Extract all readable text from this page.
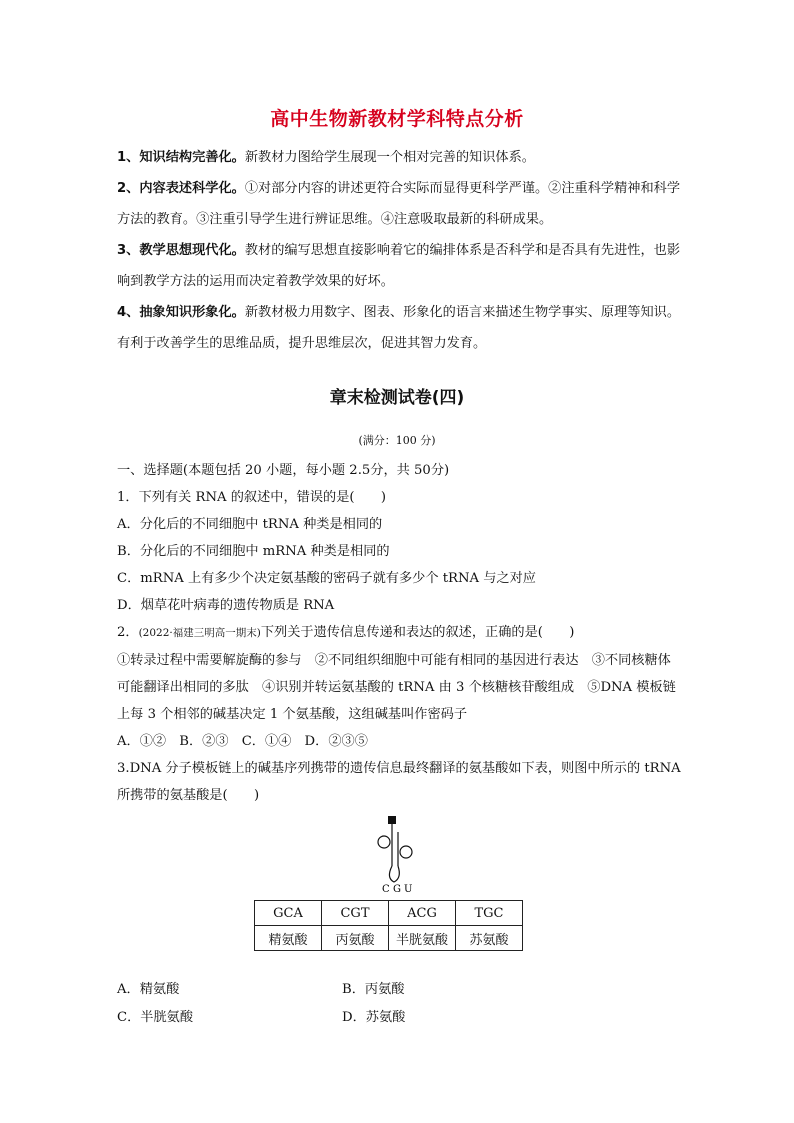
高中生物新教材学科特点分析

1、知识结构完善化。新教材力图给学生展现一个相对完善的知识体系。

2、内容表述科学化。①对部分内容的讲述更符合实际而显得更科学严谨。②注重科学精神和科学方法的教育。③注重引导学生进行辨证思维。④注意吸取最新的科研成果。

3、教学思想现代化。教材的编写思想直接影响着它的编排体系是否科学和是否具有先进性，也影响到教学方法的运用而决定着教学效果的好坏。

4、抽象知识形象化。新教材极力用数字、图表、形象化的语言来描述生物学事实、原理等知识。有利于改善学生的思维品质，提升思维层次，促进其智力发育。

章末检测试卷(四)
(满分：100 分)

一、选择题(本题包括 20 小题，每小题 2.5分，共 50分)

1．下列有关 RNA 的叙述中，错误的是(　　)

A．分化后的不同细胞中 tRNA 种类是相同的

B．分化后的不同细胞中 mRNA 种类是相同的

C．mRNA 上有多少个决定氨基酸的密码子就有多少个 tRNA 与之对应

D．烟草花叶病毒的遗传物质是 RNA

2．(2022·福建三明高一期末)下列关于遗传信息传递和表达的叙述，正确的是(　　)

①转录过程中需要解旋酶的参与　②不同组织细胞中可能有相同的基因进行表达　③不同核糖体可能翻译出相同的多肽　④识别并转运氨基酸的 tRNA 由 3 个核糖核苷酸组成　⑤DNA 模板链上每 3 个相邻的碱基决定 1 个氨基酸，这组碱基叫作密码子

A．①②　B．②③　C．①④　D．②③⑤

3.DNA 分子模板链上的碱基序列携带的遗传信息最终翻译的氨基酸如下表，则图中所示的 tRNA 所携带的氨基酸是(　　)

C G U
GCA	CGT	ACG	TGC
精氨酸	丙氨酸	半胱氨酸	苏氨酸
A．精氨酸	B．丙氨酸
C．半胱氨酸	D．苏氨酸
